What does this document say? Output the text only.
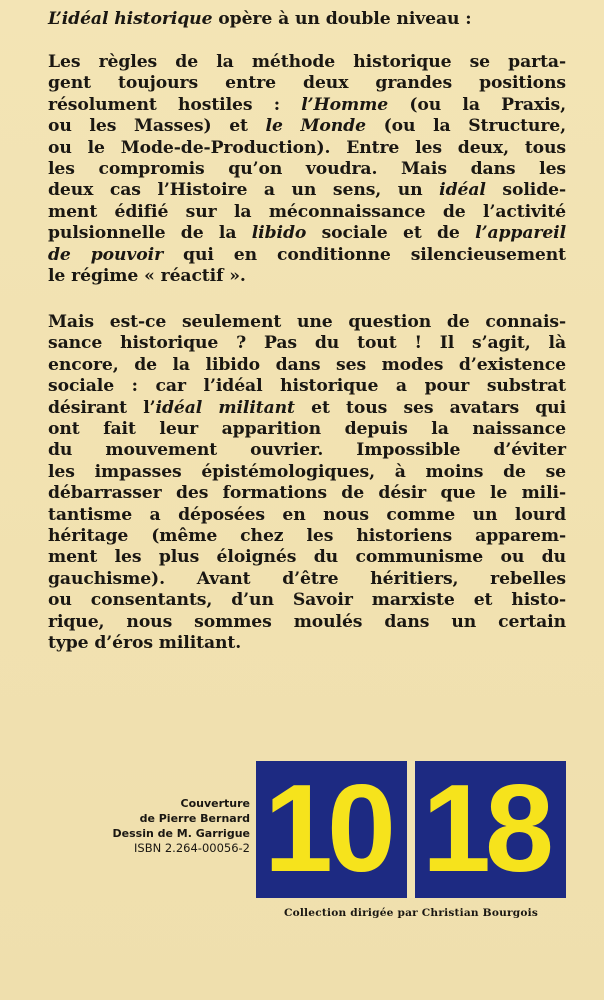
L’idéal historique opère à un double niveau :
Les règles de la méthode historique se parta-
gent toujours entre deux grandes positions
résolument hostiles : l’Homme (ou la Praxis,
ou les Masses) et le Monde (ou la Structure,
ou le Mode-de-Production). Entre les deux, tous
les compromis qu’on voudra. Mais dans les
deux cas l’Histoire a un sens, un idéal solide-
ment édifié sur la méconnaissance de l’activité
pulsionnelle de la libido sociale et de l’appareil
de pouvoir qui en conditionne silencieusement
le régime « réactif ».
Mais est-ce seulement une question de connais-
sance historique ? Pas du tout ! Il s’agit, là
encore, de la libido dans ses modes d’existence
sociale : car l’idéal historique a pour substrat
désirant l’idéal militant et tous ses avatars qui
ont fait leur apparition depuis la naissance
du mouvement ouvrier. Impossible d’éviter
les impasses épistémologiques, à moins de se
débarrasser des formations de désir que le mili-
tantisme a déposées en nous comme un lourd
héritage (même chez les historiens apparem-
ment les plus éloignés du communisme ou du
gauchisme). Avant d’être héritiers, rebelles
ou consentants, d’un Savoir marxiste et histo-
rique, nous sommes moulés dans un certain
type d’éros militant.
Couverture
de Pierre Bernard
Dessin de M. Garrigue
ISBN 2.264-00056-2 10 18
Collection dirigée par Christian Bourgois
